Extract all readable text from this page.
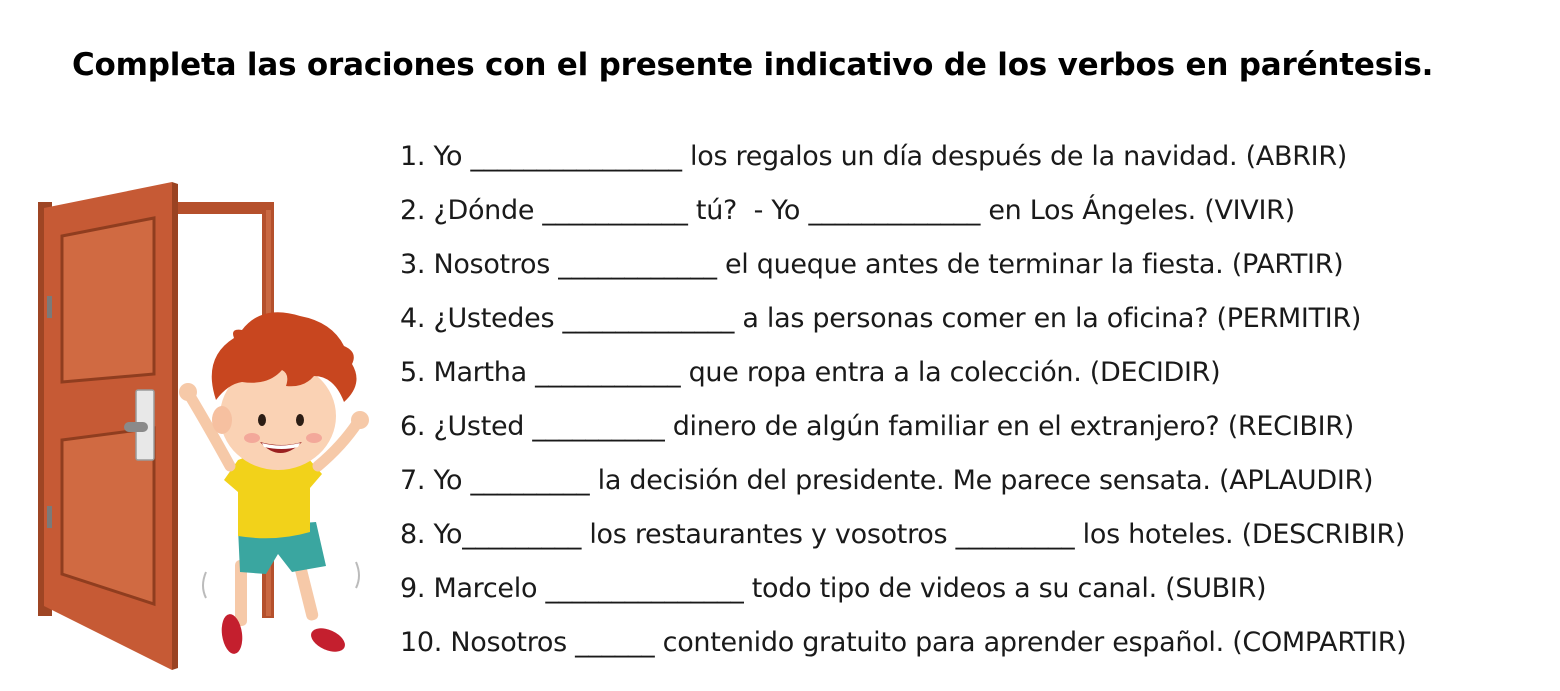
Completa las oraciones con el presente indicativo de los verbos en paréntesis.
1. Yo ________________ los regalos un día después de la navidad. (ABRIR)
2. ¿Dónde ___________ tú?  - Yo _____________ en Los Ángeles. (VIVIR)
3. Nosotros ____________ el queque antes de terminar la fiesta. (PARTIR)
4. ¿Ustedes _____________ a las personas comer en la oficina? (PERMITIR)
5. Martha ___________ que ropa entra a la colección. (DECIDIR)
6. ¿Usted __________ dinero de algún familiar en el extranjero? (RECIBIR)
7. Yo _________ la decisión del presidente. Me parece sensata. (APLAUDIR)
8. Yo_________ los restaurantes y vosotros _________ los hoteles. (DESCRIBIR)
9. Marcelo _______________ todo tipo de videos a su canal. (SUBIR)
10. Nosotros ______ contenido gratuito para aprender español. (COMPARTIR)
